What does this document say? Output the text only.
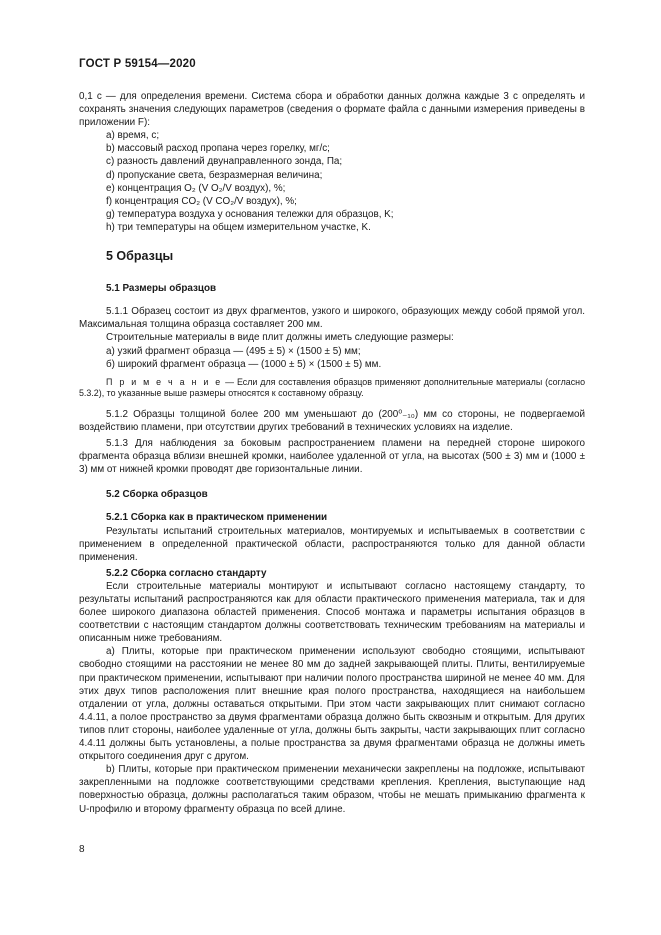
ГОСТ Р 59154—2020

0,1 с — для определения времени. Система сбора и обработки данных должна каждые 3 с определять и сохранять значения следующих параметров (сведения о формате файла с данными измерения приведены в приложении F):

a) время, с;

b) массовый расход пропана через горелку, мг/с;

c) разность давлений двунаправленного зонда, Па;

d) пропускание света, безразмерная величина;

e) концентрация O₂ (V O₂/V воздух), %;

f) концентрация CO₂ (V CO₂/V воздух), %;

g) температура воздуха у основания тележки для образцов, K;

h) три температуры на общем измерительном участке, K.

5 Образцы
5.1 Размеры образцов

5.1.1 Образец состоит из двух фрагментов, узкого и широкого, образующих между собой прямой угол. Максимальная толщина образца составляет 200 мм.

Строительные материалы в виде плит должны иметь следующие размеры:

а) узкий фрагмент образца — (495 ± 5) × (1500 ± 5) мм;

б) широкий фрагмент образца — (1000 ± 5) × (1500 ± 5) мм.

П р и м е ч а н и е — Если для составления образцов применяют дополнительные материалы (согласно 5.3.2), то указанные выше размеры относятся к составному образцу.

5.1.2 Образцы толщиной более 200 мм уменьшают до (200⁰₋₁₀) мм со стороны, не подвергаемой воздействию пламени, при отсутствии других требований в технических условиях на изделие.

5.1.3 Для наблюдения за боковым распространением пламени на передней стороне широкого фрагмента образца вблизи внешней кромки, наиболее удаленной от угла, на высотах (500 ± 3) мм и (1000 ± 3) мм от нижней кромки проводят две горизонтальные линии.

5.2 Сборка образцов

5.2.1 Сборка как в практическом применении

Результаты испытаний строительных материалов, монтируемых и испытываемых в соответствии с применением в определенной практической области, распространяются только для данной области применения.

5.2.2 Сборка согласно стандарту

Если строительные материалы монтируют и испытывают согласно настоящему стандарту, то результаты испытаний распространяются как для области практического применения материала, так и для более широкого диапазона областей применения. Способ монтажа и параметры испытания образцов в соответствии с настоящим стандартом должны соответствовать техническим требованиям на материалы и описанным ниже требованиям.

а) Плиты, которые при практическом применении используют свободно стоящими, испытывают свободно стоящими на расстоянии не менее 80 мм до задней закрывающей плиты. Плиты, вентилируемые при практическом применении, испытывают при наличии полого пространства шириной не менее 40 мм. Для этих двух типов расположения плит внешние края полого пространства, находящиеся на наибольшем отдалении от угла, должны оставаться открытыми. При этом части закрывающих плит снимают согласно 4.4.11, а полое пространство за двумя фрагментами образца должно быть сквозным и открытым. Для других типов плит стороны, наиболее удаленные от угла, должны быть закрыты, части закрывающих плит согласно 4.4.11 должны быть установлены, а полые пространства за двумя фрагментами образца не должны иметь открытого соединения друг с другом.

b) Плиты, которые при практическом применении механически закреплены на подложке, испытывают закрепленными на подложке соответствующими средствами крепления. Крепления, выступающие над поверхностью образца, должны располагаться таким образом, чтобы не мешать примыканию фрагмента к U-профилю и второму фрагменту образца по всей длине.

8
